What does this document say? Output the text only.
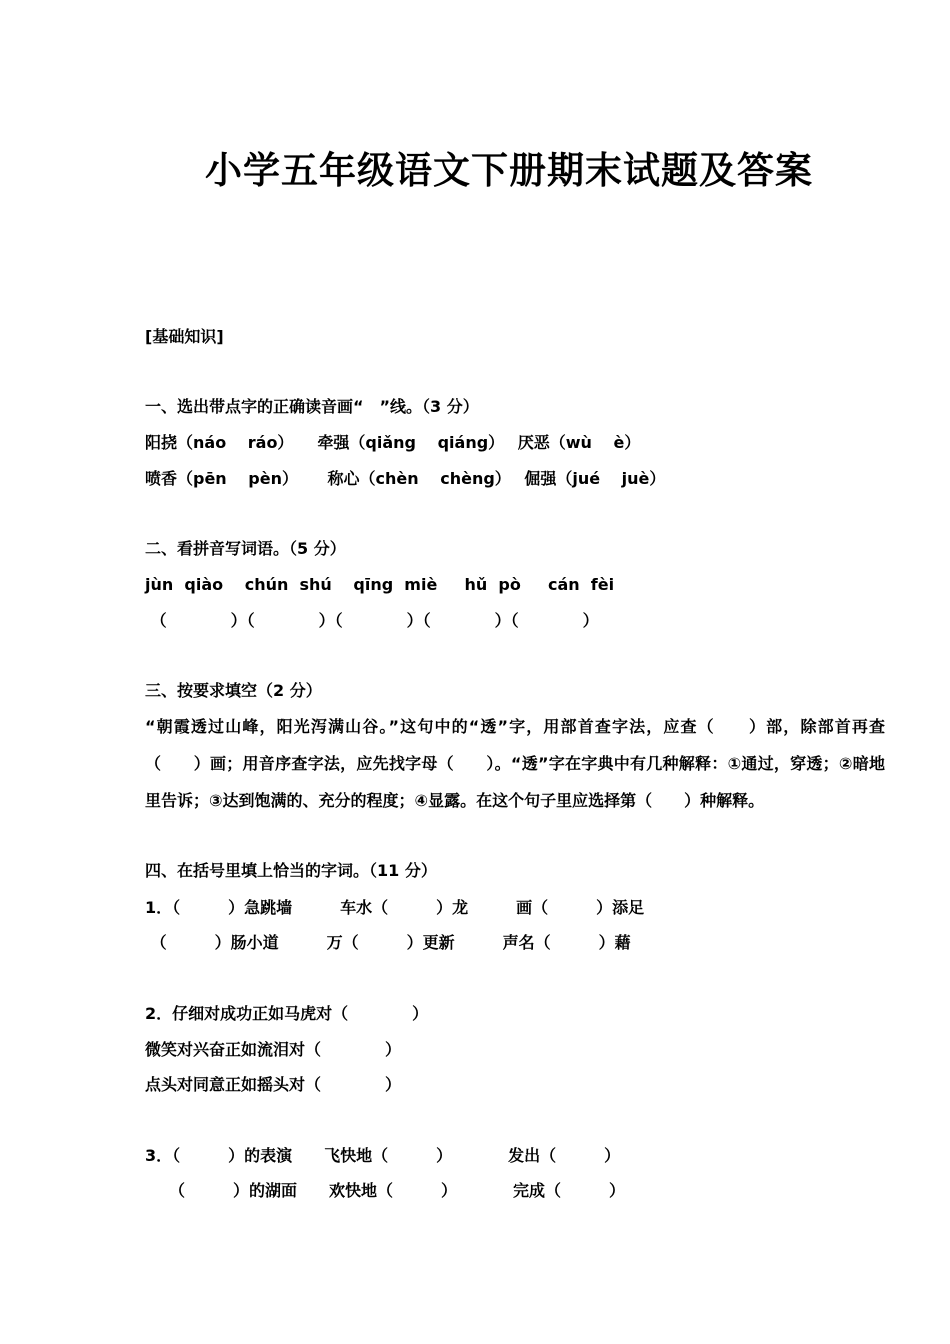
小学五年级语文下册期末试题及答案
[基础知识]
一、选出带点字的正确读音画“　”线。（3 分）
阳挠（náo　 ráo）　　牵强（qiǎng　 qiáng）　 厌恶（wù　 è）
喷香（pēn　 pèn）　　 称心（chèn　 chèng）　 倔强（jué　 juè）
二、看拼音写词语。（5 分）
jùn  qiào　 chún  shú　 qīng  miè　  hǔ  pò　  cán  fèi
（　　　　）（　　　　）（　　　　）（　　　　）（　　　　）
三、按要求填空（2 分）
“朝霞透过山峰，阳光泻满山谷。”这句中的“透”字，用部首查字法，应查（　　）部，除部首再查（　　）画；用音序查字法，应先找字母（　　）。“透”字在字典中有几种解释：①通过，穿透；②暗地里告诉；③达到饱满的、充分的程度；④显露。在这个句子里应选择第（　　）种解释。
四、在括号里填上恰当的字词。（11 分）
1．（　　　）急跳墙　　　车水（　　　）龙　　　画（　　　）添足
（　　　）肠小道　　　万（　　　）更新　　　声名（　　　）藉
2．仔细对成功正如马虎对（　　　　）
微笑对兴奋正如流泪对（　　　　）
点头对同意正如摇头对（　　　　）
3．（　　　）的表演　　飞快地（　　　）　　　　发出（　　　）
　　（　　　）的湖面　　欢快地（　　　）　　　　完成（　　　）
